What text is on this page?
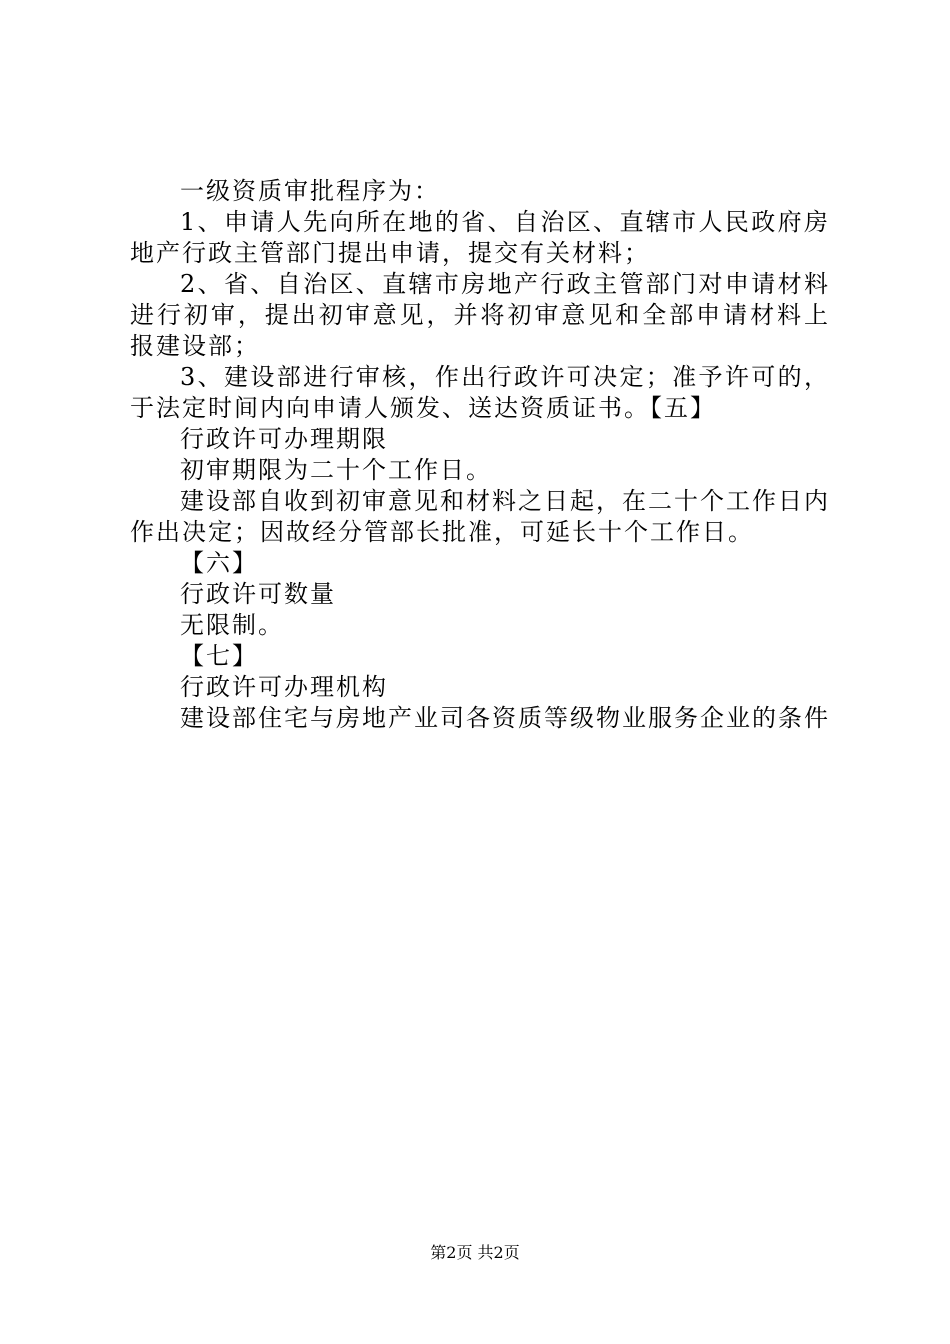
一级资质审批程序为：

1、申请人先向所在地的省、自治区、直辖市人民政府房地产行政主管部门提出申请，提交有关材料；

2、省、自治区、直辖市房地产行政主管部门对申请材料进行初审，提出初审意见，并将初审意见和全部申请材料上报建设部；

3、建设部进行审核，作出行政许可决定；准予许可的，于法定时间内向申请人颁发、送达资质证书。【五】

行政许可办理期限

初审期限为二十个工作日。

建设部自收到初审意见和材料之日起，在二十个工作日内作出决定；因故经分管部长批准，可延长十个工作日。

【六】

行政许可数量

无限制。

【七】

行政许可办理机构

建设部住宅与房地产业司各资质等级物业服务企业的条件

第2页 共2页
